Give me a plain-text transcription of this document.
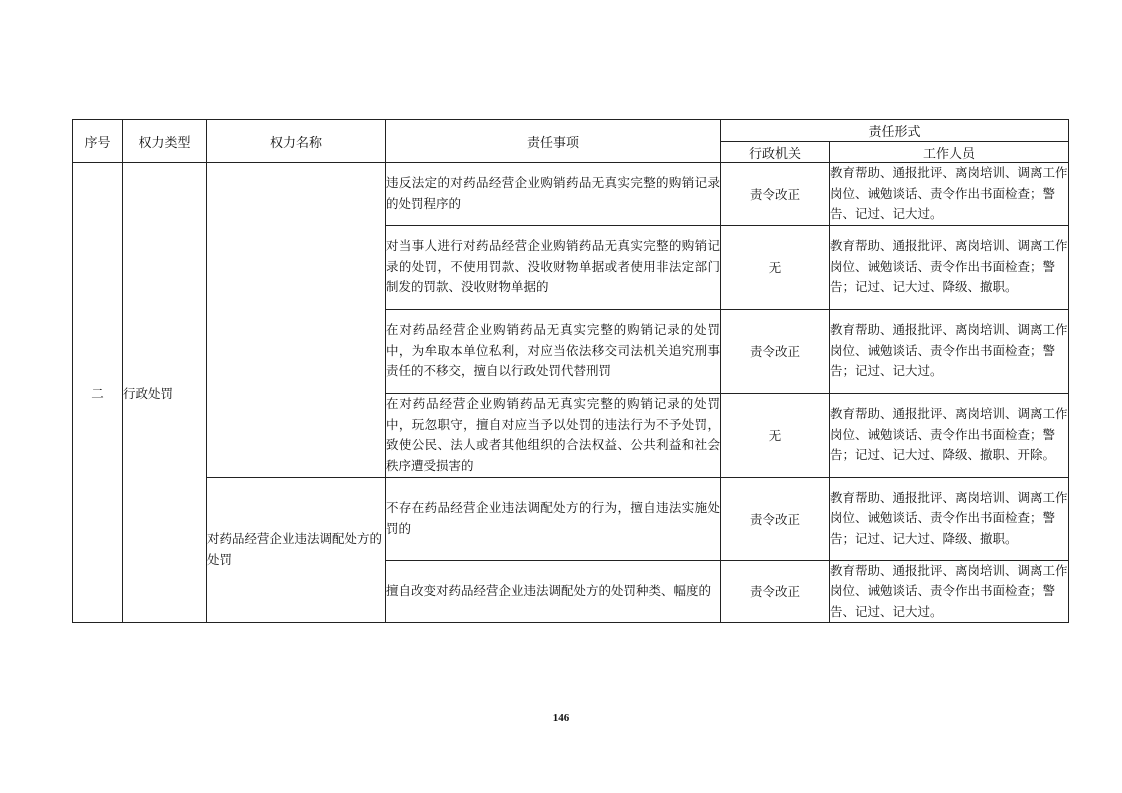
序号	权力类型	权力名称	责任事项	责任形式	
				行政机关	工作人员
二	行政处罚		违反法定的对药品经营企业购销药品无真实完整的购销记录的处罚程序的	责令改正	教育帮助、通报批评、离岗培训、调离工作岗位、诫勉谈话、责令作出书面检查；警告、记过、记大过。
			对当事人进行对药品经营企业购销药品无真实完整的购销记录的处罚，不使用罚款、没收财物单据或者使用非法定部门制发的罚款、没收财物单据的	无	教育帮助、通报批评、离岗培训、调离工作岗位、诫勉谈话、责令作出书面检查；警告；记过、记大过、降级、撤职。
			在对药品经营企业购销药品无真实完整的购销记录的处罚中，为牟取本单位私利，对应当依法移交司法机关追究刑事责任的不移交，擅自以行政处罚代替刑罚	责令改正	教育帮助、通报批评、离岗培训、调离工作岗位、诫勉谈话、责令作出书面检查；警告；记过、记大过。
			在对药品经营企业购销药品无真实完整的购销记录的处罚中，玩忽职守，擅自对应当予以处罚的违法行为不予处罚，致使公民、法人或者其他组织的合法权益、公共利益和社会秩序遭受损害的	无	教育帮助、通报批评、离岗培训、调离工作岗位、诫勉谈话、责令作出书面检查；警告；记过、记大过、降级、撤职、开除。
		对药品经营企业违法调配处方的处罚	不存在药品经营企业违法调配处方的行为，擅自违法实施处罚的	责令改正	教育帮助、通报批评、离岗培训、调离工作岗位、诫勉谈话、责令作出书面检查；警告；记过、记大过、降级、撤职。
			擅自改变对药品经营企业违法调配处方的处罚种类、幅度的	责令改正	教育帮助、通报批评、离岗培训、调离工作岗位、诫勉谈话、责令作出书面检查；警告、记过、记大过。
146
